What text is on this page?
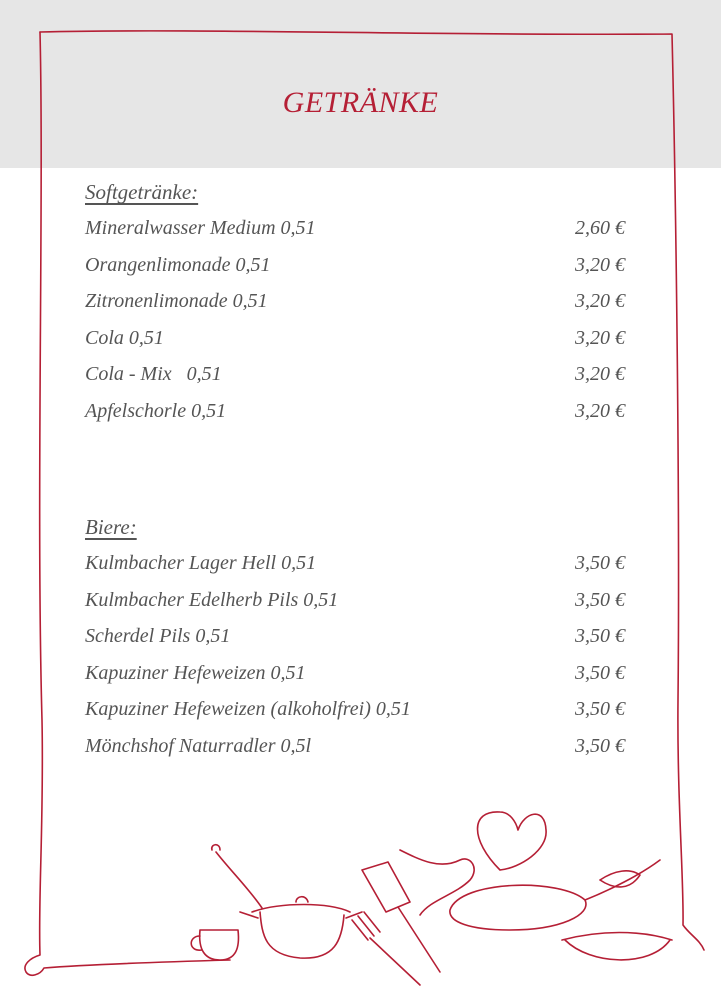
GETRÄNKE
Softgetränke:
Mineralwasser Medium 0,51	2,60 €
Orangenlimonade 0,51	3,20 €
Zitronenlimonade 0,51	3,20 €
Cola 0,51	3,20 €
Cola - Mix   0,51	3,20 €
Apfelschorle 0,51	3,20 €
Biere:
Kulmbacher Lager Hell 0,51	3,50 €
Kulmbacher Edelherb Pils 0,51	3,50 €
Scherdel Pils 0,51	3,50 €
Kapuziner Hefeweizen 0,51	3,50 €
Kapuziner Hefeweizen (alkoholfrei) 0,51	3,50 €
Mönchshof Naturradler 0,5l	3,50 €
